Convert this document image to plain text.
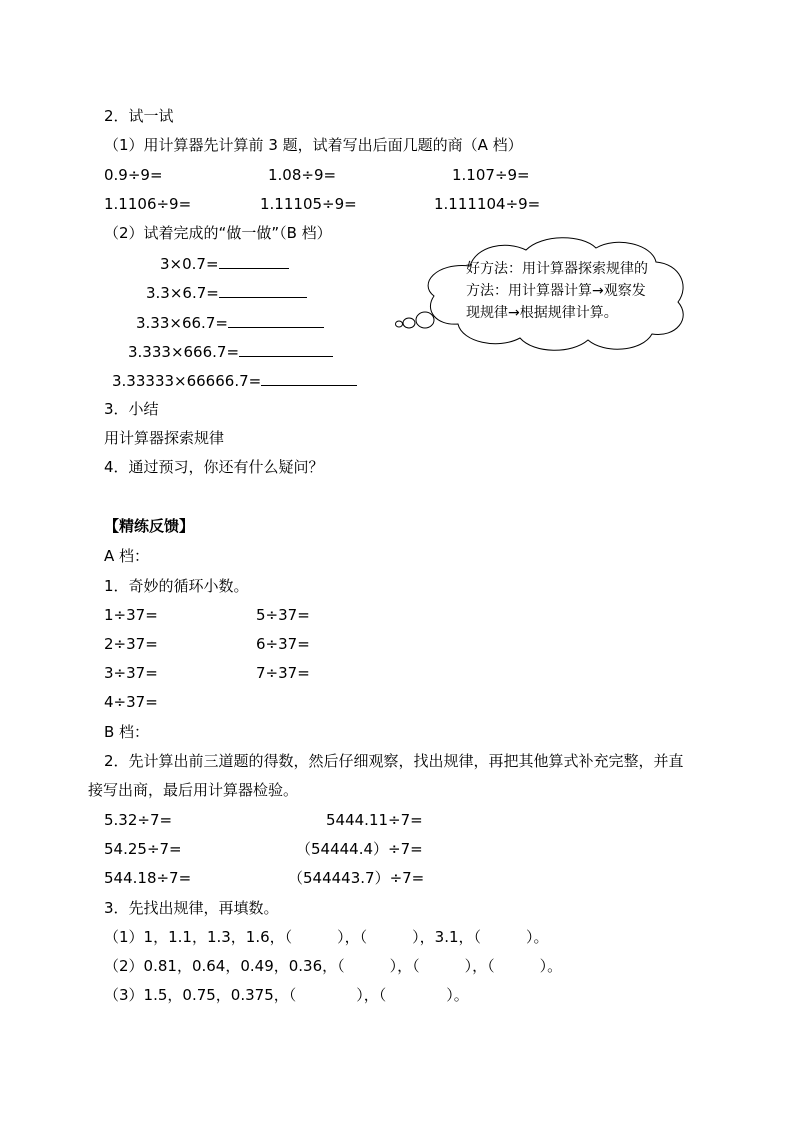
2．试一试
（1）用计算器先计算前 3 题，试着写出后面几题的商（A 档）
0.9÷9=	1.08÷9=	1.107÷9=
1.1106÷9=	1.11105÷9=	1.111104÷9=
（2）试着完成的“做一做”（B 档）
3×0.7=
3.3×6.7=
3.33×66.7=
3.333×666.7=
3.33333×66666.7=
好方法：用计算器探索规律的
方法：用计算器计算→观察发
现规律→根据规律计算。
3．小结
用计算器探索规律
4．通过预习，你还有什么疑问？
【精练反馈】
A 档：
1．奇妙的循环小数。
1÷37=	5÷37=
2÷37=	6÷37=
3÷37=	7÷37=
4÷37=
B 档：
2．先计算出前三道题的得数，然后仔细观察，找出规律，再把其他算式补充完整，并直
接写出商，最后用计算器检验。
5.32÷7=	5444.11÷7=
54.25÷7=	（54444.4）÷7=
544.18÷7=	（544443.7）÷7=
3．先找出规律，再填数。
（1）1，1.1，1.3，1.6，（　　　），（　　　），3.1，（　　　）。
（2）0.81，0.64，0.49，0.36，（　　　），（　　　），（　　　）。
（3）1.5，0.75，0.375，（　　　　），（　　　　）。
